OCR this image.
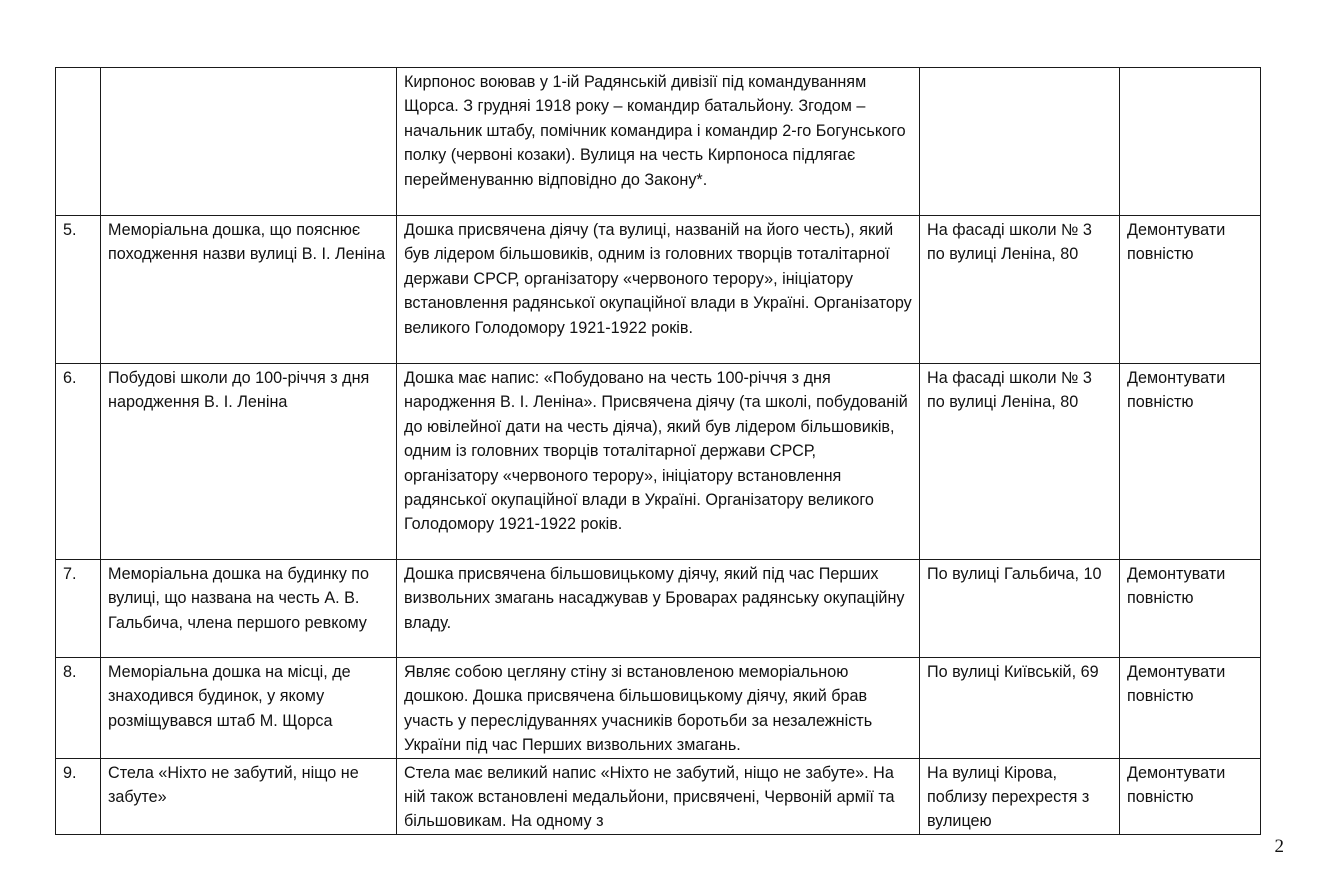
		Кирпонос воював у 1-ій Радянській дивізії під командуванням Щорса. З грудняі 1918 року – командир батальйону. Згодом – начальник штабу, помічник командира і командир 2-го Богунського полку (червоні козаки). Вулиця на честь Кирпоноса підлягає перейменуванню відповідно до Закону*.		
5.	Меморіальна дошка, що пояснює походження назви вулиці В. І. Леніна	Дошка присвячена діячу (та вулиці, названій на його честь), який був лідером більшовиків, одним із головних творців тоталітарної держави СРСР, організатору «червоного терору», ініціатору встановлення радянської окупаційної влади в Україні. Організатору великого Голодомору 1921-1922 років.	На фасаді школи № 3 по вулиці Леніна, 80	Демонтувати повністю
6.	Побудові школи до 100-річчя з дня народження В. І. Леніна	Дошка має напис: «Побудовано на честь 100-річчя з дня народження В. І. Леніна». Присвячена діячу (та школі, побудованій до ювілейної дати на честь діяча), який був лідером більшовиків, одним із головних творців тоталітарної держави СРСР, організатору «червоного терору», ініціатору встановлення радянської окупаційної влади в Україні. Організатору великого Голодомору 1921-1922 років.	На фасаді школи № 3 по вулиці Леніна, 80	Демонтувати повністю
7.	Меморіальна дошка на будинку по вулиці, що названа на честь А. В. Гальбича, члена першого ревкому	Дошка присвячена більшовицькому діячу, який під час Перших визвольних змагань насаджував у Броварах радянську окупаційну владу.	По вулиці Гальбича, 10	Демонтувати повністю
8.	Меморіальна дошка на місці, де знаходився будинок, у якому розміщувався штаб М. Щорса	Являє собою цегляну стіну зі встановленою меморіальною дошкою. Дошка присвячена більшовицькому діячу, який брав участь у переслідуваннях учасників боротьби за незалежність України під час Перших визвольних змагань.	По вулиці Київській, 69	Демонтувати повністю
9.	Стела «Ніхто не забутий, ніщо не забуте»	Стела має великий напис «Ніхто не забутий, ніщо не забуте». На ній також встановлені медальйони, присвячені, Червоній армії та більшовикам. На одному з	На вулиці Кірова, поблизу перехрестя з вулицею	Демонтувати повністю
2
